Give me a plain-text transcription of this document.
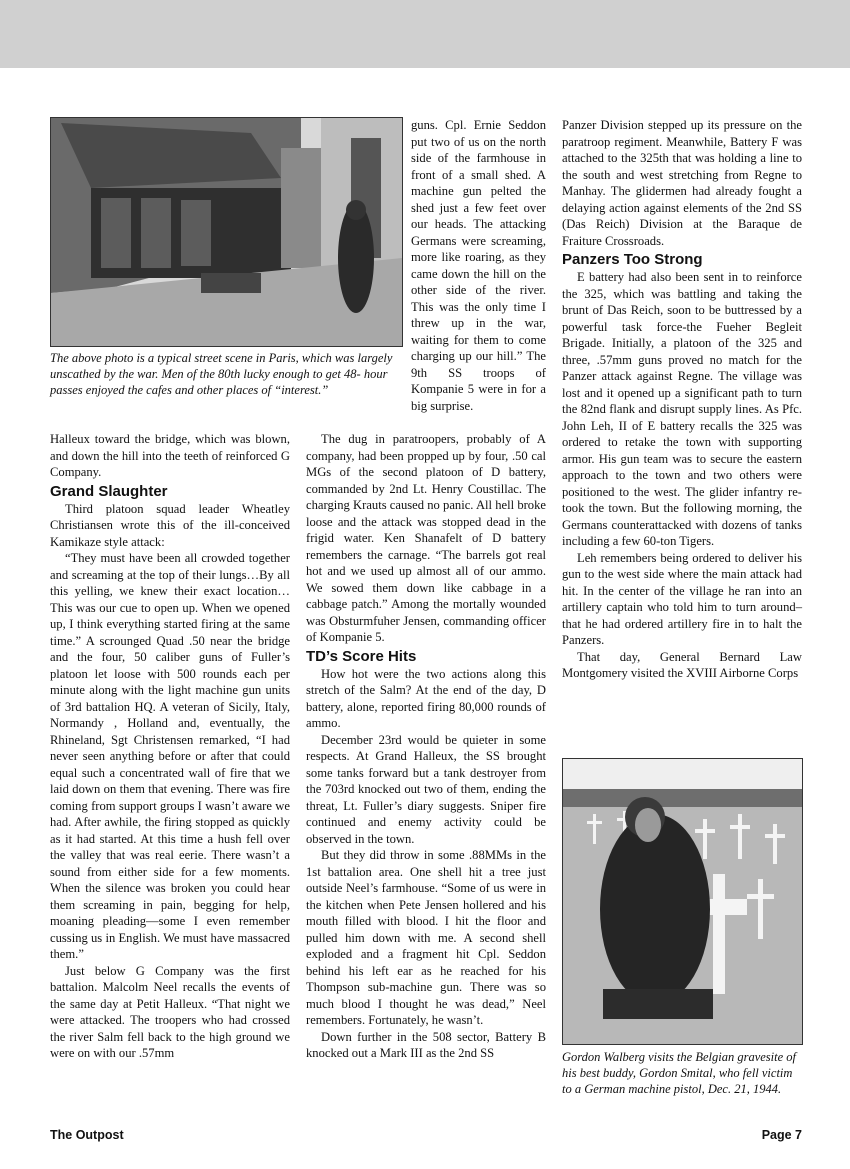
The above photo is a typical street scene in Paris, which was largely unscathed by the war. Men of the 80th lucky enough to get 48- hour passes enjoyed the cafes and other places of “interest.”

Halleux toward the bridge, which was blown, and down the hill into the teeth of reinforced G Company.

Grand Slaughter

Third platoon squad leader Wheatley Christiansen wrote this of the ill-conceived Kamikaze style attack:

“They must have been all crowded together and screaming at the top of their lungs…By all this yelling, we knew their exact location… This was our cue to open up. When we opened up, I think everything started firing at the same time.” A scrounged Quad .50 near the bridge and the four, 50 caliber guns of Fuller’s platoon let loose with 500 rounds each per minute along with the light machine gun units of 3rd battalion HQ. A veteran of Sicily, Italy, Normandy , Holland and, eventually, the Rhineland, Sgt Christensen remarked, “I had never seen anything before or after that could equal such a concentrated wall of fire that we laid down on them that evening. There was fire coming from support groups I wasn’t aware we had. After awhile, the firing stopped as quickly as it had started. At this time a hush fell over the valley that was real eerie. There wasn’t a sound from either side for a few moments. When the silence was broken you could hear them screaming in pain, begging for help, moaning pleading—some I even remember cussing us in English. We must have massacred them.”

Just below G Company was the first battalion. Malcolm Neel recalls the events of the same day at Petit Halleux. “That night we were attacked. The troopers who had crossed the river Salm fell back to the high ground we were on with our .57mm

guns. Cpl. Ernie Seddon put two of us on the north side of the farmhouse in front of a small shed. A machine gun pelted the shed just a few feet over our heads. The attacking Germans were screaming, more like roaring, as they came down the hill on the other side of the river. This was the only time I threw up in the war, waiting for them to come charging up our hill.” The 9th SS troops of Kompanie 5 were in for a big surprise.

The dug in paratroopers, probably of A company, had been propped up by four, .50 cal MGs of the second platoon of D battery, commanded by 2nd Lt. Henry Coustillac. The charging Krauts caused no panic. All hell broke loose and the attack was stopped dead in the frigid water. Ken Shanafelt of D battery remembers the carnage. “The barrels got real hot and we used up almost all of our ammo. We sowed them down like cabbage in a cabbage patch.” Among the mortally wounded was Obsturmfuher Jensen, commanding officer of Kompanie 5.

TD’s Score Hits

How hot were the two actions along this stretch of the Salm? At the end of the day, D battery, alone, reported firing 80,000 rounds of ammo.

December 23rd would be quieter in some respects. At Grand Halleux, the SS brought some tanks forward but a tank destroyer from the 703rd knocked out two of them, ending the threat, Lt. Fuller’s diary suggests. Sniper fire continued and enemy activity could be observed in the town.

But they did throw in some .88MMs in the 1st battalion area. One shell hit a tree just outside Neel’s farmhouse. “Some of us were in the kitchen when Pete Jensen hollered and his mouth filled with blood. I hit the floor and pulled him down with me. A second shell exploded and a fragment hit Cpl. Seddon behind his left ear as he reached for his Thompson sub-machine gun. There was so much blood I thought he was dead,” Neel remembers. Fortunately, he wasn’t.

Down further in the 508 sector, Battery B knocked out a Mark III as the 2nd SS

Panzer Division stepped up its pressure on the paratroop regiment. Meanwhile, Battery F was attached to the 325th that was holding a line to the south and west stretching from Regne to Manhay. The glidermen had already fought a delaying action against elements of the 2nd SS (Das Reich) Division at the Baraque de Fraiture Crossroads.

Panzers Too Strong

E battery had also been sent in to reinforce the 325, which was battling and taking the brunt of Das Reich, soon to be buttressed by a powerful task force-the Fueher Begleit Brigade. Initially, a platoon of the 325 and three, .57mm guns proved no match for the Panzer attack against Regne. The village was lost and it opened up a significant path to turn the 82nd flank and disrupt supply lines. As Pfc. John Leh, II of E battery recalls the 325 was ordered to retake the town with supporting armor. His gun team was to secure the eastern approach to the town and two others were positioned to the west. The glider infantry re-took the town. But the following morning, the Germans counterattacked with dozens of tanks including a few 60-ton Tigers.

Leh remembers being ordered to deliver his gun to the west side where the main attack had hit. In the center of the village he ran into an artillery captain who told him to turn around– that he had ordered artillery fire in to halt the Panzers.

That day, General Bernard Law Montgomery visited the XVIII Airborne Corps

Gordon Walberg visits the Belgian gravesite of his best buddy, Gordon Smital, who fell victim to a German machine pistol, Dec. 21, 1944.
The Outpost	Page 7
